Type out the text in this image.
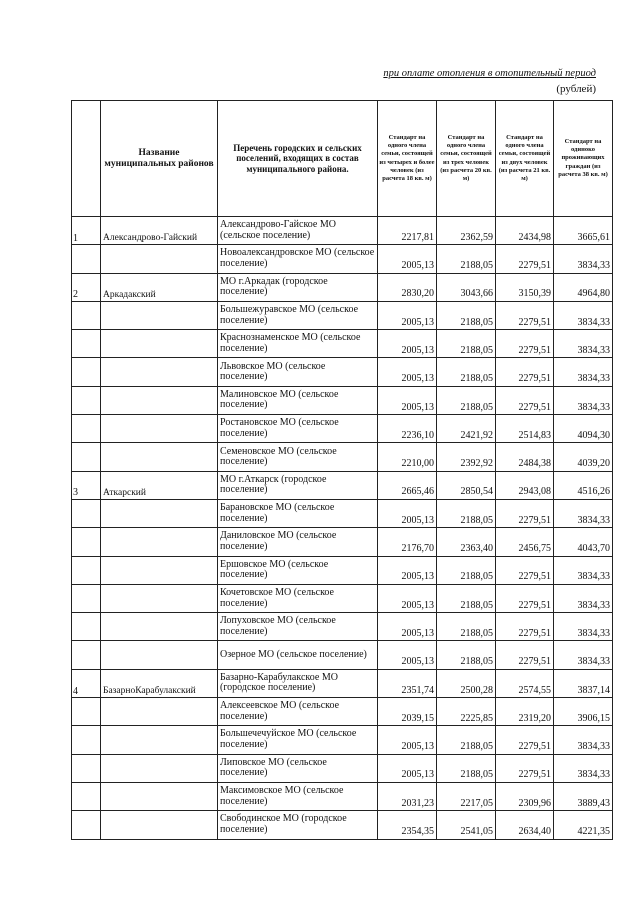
при оплате отопления в отопительный период
(рублей)
	Название муниципальных районов	Перечень городских и сельских поселений, входящих в состав муниципального района.	Стандарт на одного члена семьи, состоящей из четырех и более человек (из расчета 18 кв. м)	Стандарт на одного члена семьи, состоящей из трех человек (из расчета 20 кв. м)	Стандарт на одного члена семьи, состоящей из двух человек (из расчета 21 кв. м)	Стандарт на одиноко проживающих граждан (из расчета 38 кв. м)
1	Александрово-Гайский	Александрово-Гайское МО (сельское поселение)	2217,81	2362,59	2434,98	3665,61
		Новоалександровское МО (сельское поселение)	2005,13	2188,05	2279,51	3834,33
2	Аркадакский	МО г.Аркадак (городское поселение)	2830,20	3043,66	3150,39	4964,80
		Большежуравское МО (сельское поселение)	2005,13	2188,05	2279,51	3834,33
		Краснознаменское МО (сельское поселение)	2005,13	2188,05	2279,51	3834,33
		Львовское МО (сельское поселение)	2005,13	2188,05	2279,51	3834,33
		Малиновское МО (сельское поселение)	2005,13	2188,05	2279,51	3834,33
		Ростановское МО (сельское поселение)	2236,10	2421,92	2514,83	4094,30
		Семеновское МО (сельское поселение)	2210,00	2392,92	2484,38	4039,20
3	Аткарский	МО г.Аткарск (городское поселение)	2665,46	2850,54	2943,08	4516,26
		Барановское МО (сельское поселение)	2005,13	2188,05	2279,51	3834,33
		Даниловское МО (сельское поселение)	2176,70	2363,40	2456,75	4043,70
		Ершовское МО (сельское поселение)	2005,13	2188,05	2279,51	3834,33
		Кочетовское МО (сельское поселение)	2005,13	2188,05	2279,51	3834,33
		Лопуховское МО (сельское поселение)	2005,13	2188,05	2279,51	3834,33
		Озерное МО (сельское поселение)	2005,13	2188,05	2279,51	3834,33
4	БазарноКарабулакский	Базарно-Карабулакское МО (городское поселение)	2351,74	2500,28	2574,55	3837,14
		Алексеевское МО (сельское поселение)	2039,15	2225,85	2319,20	3906,15
		Большечечуйское МО (сельское поселение)	2005,13	2188,05	2279,51	3834,33
		Липовское МО (сельское поселение)	2005,13	2188,05	2279,51	3834,33
		Максимовское МО (сельское поселение)	2031,23	2217,05	2309,96	3889,43
		Свободинское МО (городское поселение)	2354,35	2541,05	2634,40	4221,35
